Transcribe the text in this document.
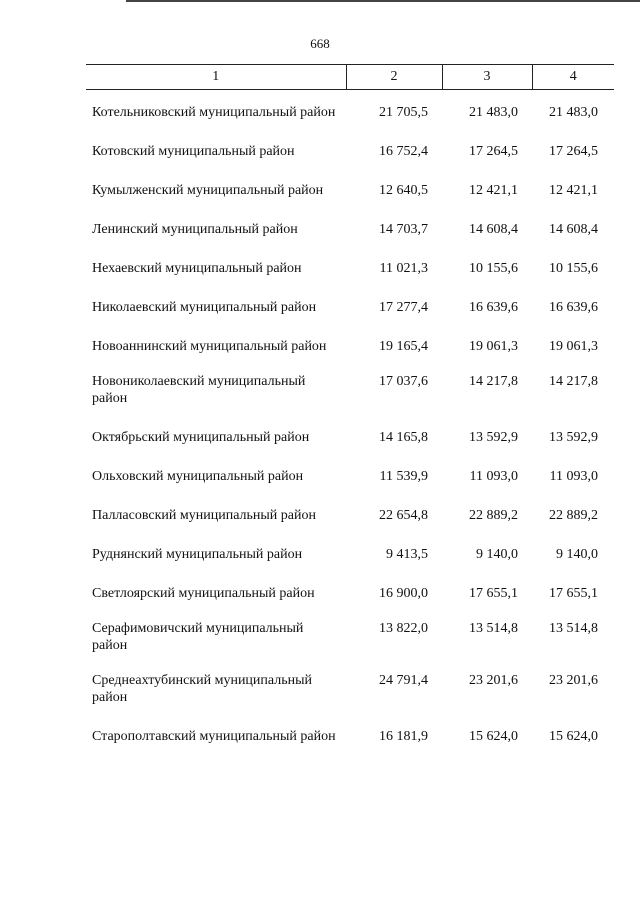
668
1	2	3	4

Котельниковский муниципальный район	21 705,5	21 483,0	21 483,0

Котовский муниципальный район	16 752,4	17 264,5	17 264,5

Кумылженский муниципальный район	12 640,5	12 421,1	12 421,1

Ленинский муниципальный район	14 703,7	14 608,4	14 608,4

Нехаевский муниципальный район	11 021,3	10 155,6	10 155,6

Николаевский муниципальный район	17 277,4	16 639,6	16 639,6

Новоаннинский муниципальный район	19 165,4	19 061,3	19 061,3

Новониколаевский муниципальный район	17 037,6	14 217,8	14 217,8

Октябрьский муниципальный район	14 165,8	13 592,9	13 592,9

Ольховский муниципальный район	11 539,9	11 093,0	11 093,0

Палласовский муниципальный район	22 654,8	22 889,2	22 889,2

Руднянский муниципальный район	9 413,5	9 140,0	9 140,0

Светлоярский муниципальный район	16 900,0	17 655,1	17 655,1

Серафимовичский муниципальный район	13 822,0	13 514,8	13 514,8

Среднеахтубинский муниципальный район	24 791,4	23 201,6	23 201,6

Старополтавский муниципальный район	16 181,9	15 624,0	15 624,0
